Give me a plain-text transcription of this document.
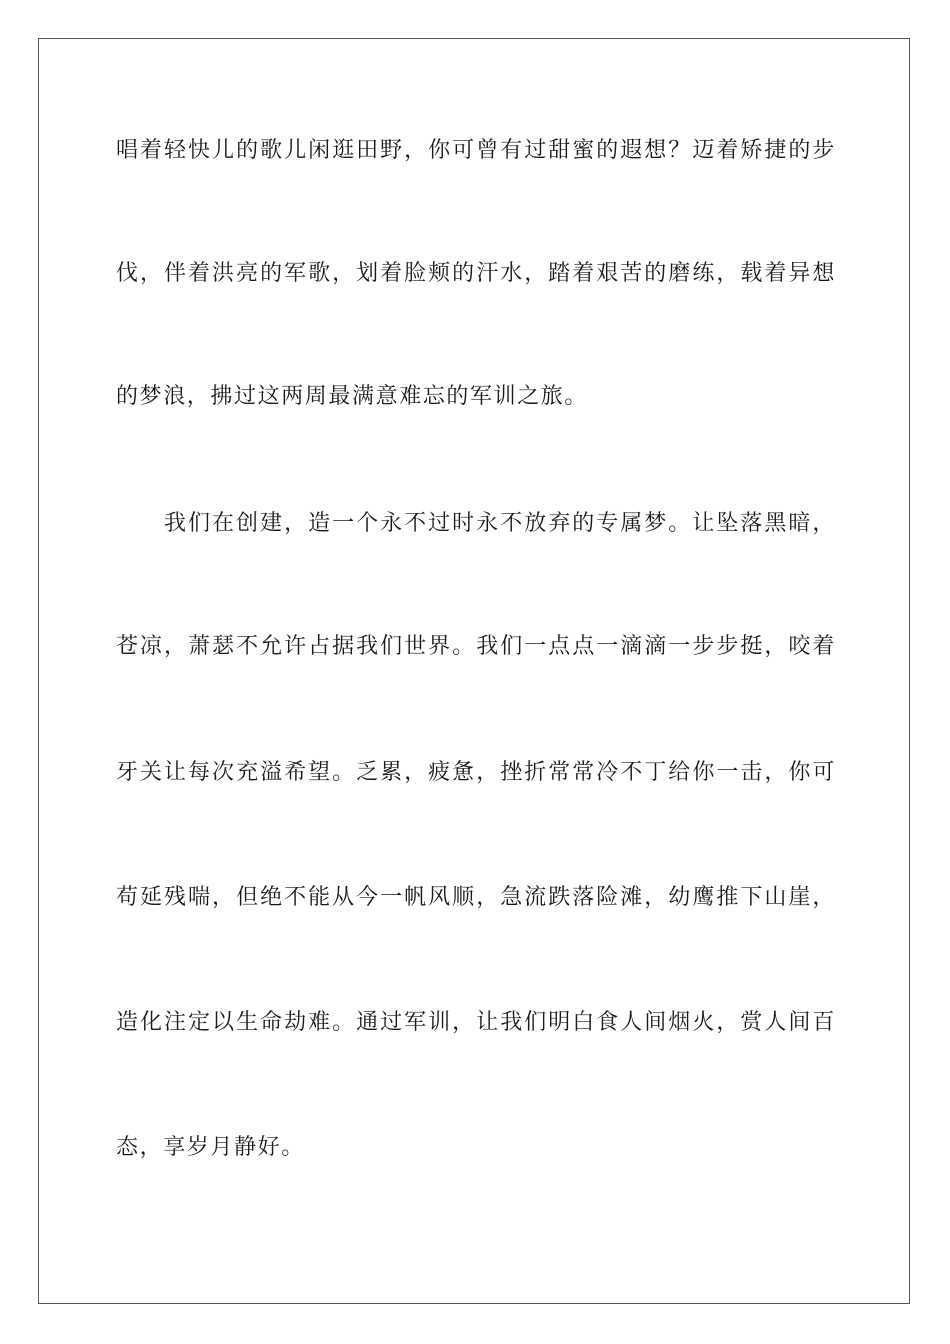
唱着轻快儿的歌儿闲逛田野，你可曾有过甜蜜的遐想？迈着矫捷的步
伐，伴着洪亮的军歌，划着脸颊的汗水，踏着艰苦的磨练，载着异想
的梦浪，拂过这两周最满意难忘的军训之旅。
我们在创建，造一个永不过时永不放弃的专属梦。让坠落黑暗，
苍凉，萧瑟不允许占据我们世界。我们一点点一滴滴一步步挺，咬着
牙关让每次充溢希望。乏累，疲惫，挫折常常冷不丁给你一击，你可
苟延残喘，但绝不能从今一帆风顺，急流跌落险滩，幼鹰推下山崖，
造化注定以生命劫难。通过军训，让我们明白食人间烟火，赏人间百
态，享岁月静好。
